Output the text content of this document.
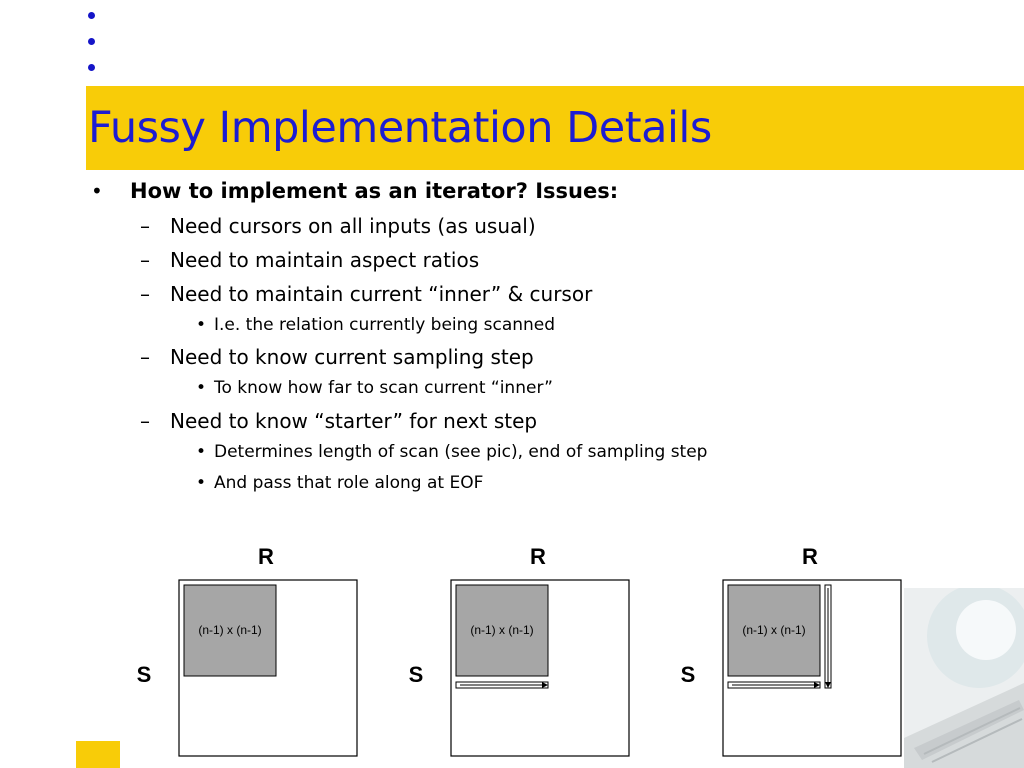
Fussy Implementation Details
• How to implement as an iterator? Issues:
– Need cursors on all inputs (as usual)
– Need to maintain aspect ratios
– Need to maintain current “inner” & cursor
• I.e. the relation currently being scanned
– Need to know current sampling step
• To know how far to scan current “inner”
– Need to know “starter” for next step
• Determines length of scan (see pic), end of sampling step
• And pass that role along at EOF
R
S
(n-1) x (n-1)
R
S
(n-1) x (n-1)
R
S
(n-1) x (n-1)
